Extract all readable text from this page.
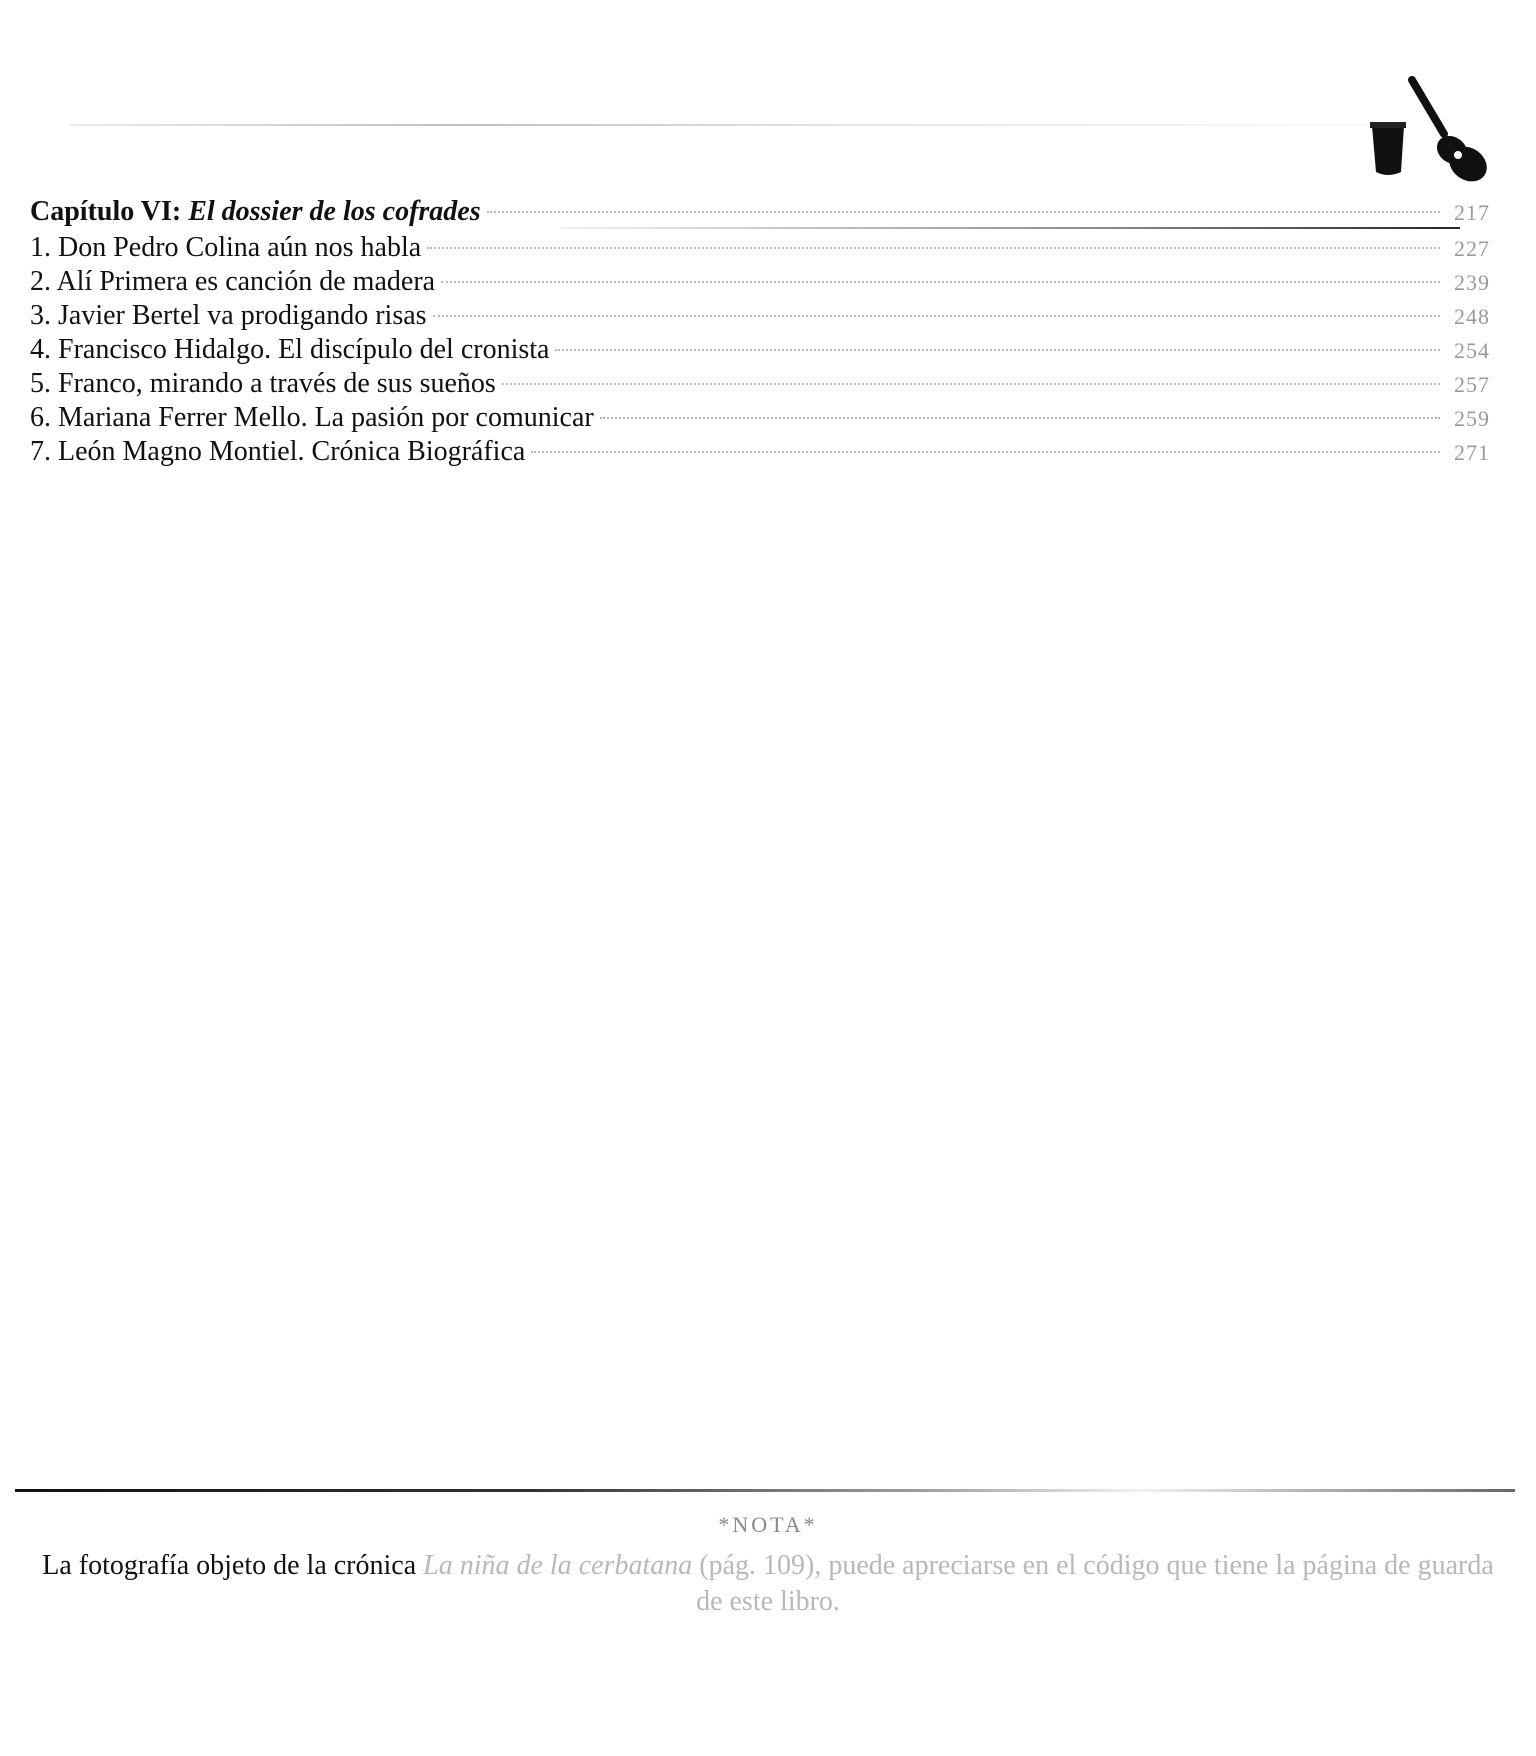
Capítulo VI: El dossier de los cofrades	217
1. Don Pedro Colina aún nos habla	227
2. Alí Primera es canción de madera	239
3. Javier Bertel va prodigando risas	248
4. Francisco Hidalgo. El discípulo del cronista	254
5. Franco, mirando a través de sus sueños	257
6. Mariana Ferrer Mello. La pasión por comunicar	259
7. León Magno Montiel. Crónica Biográfica	271
*NOTA*
La fotografía objeto de la crónica La niña de la cerbatana (pág. 109), puede apreciarse en el código que tiene la página de guarda de este libro.
